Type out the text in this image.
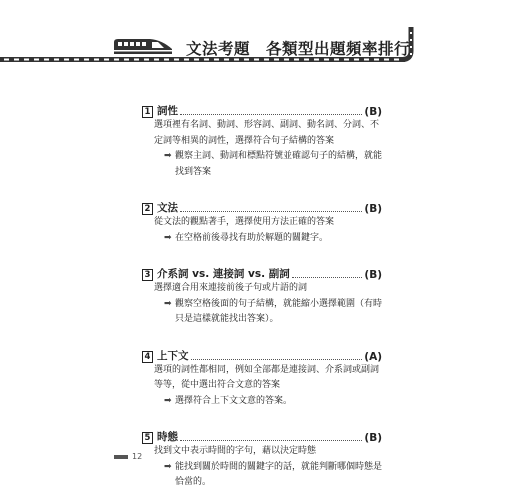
文法考題　各類型出題頻率排行
1 詞性	(B)
選項裡有名詞、動詞、形容詞、副詞、動名詞、分詞、不定詞等相異的詞性，選擇符合句子結構的答案
➡ 觀察主詞、動詞和標點符號並確認句子的結構，就能找到答案
2 文法	(B)
從文法的觀點著手，選擇使用方法正確的答案
➡ 在空格前後尋找有助於解題的關鍵字。
3 介系詞 vs. 連接詞 vs. 副詞	(B)
選擇適合用來連接前後子句或片語的詞
➡ 觀察空格後面的句子結構，就能縮小選擇範圍（有時只是這樣就能找出答案）。
4 上下文	(A)
選項的詞性都相同，例如全部都是連接詞、介系詞或副詞等等，從中選出符合文意的答案
➡ 選擇符合上下文文意的答案。
5 時態	(B)
找到文中表示時間的字句，藉以決定時態
➡ 能找到關於時間的關鍵字的話，就能判斷哪個時態是恰當的。
12
